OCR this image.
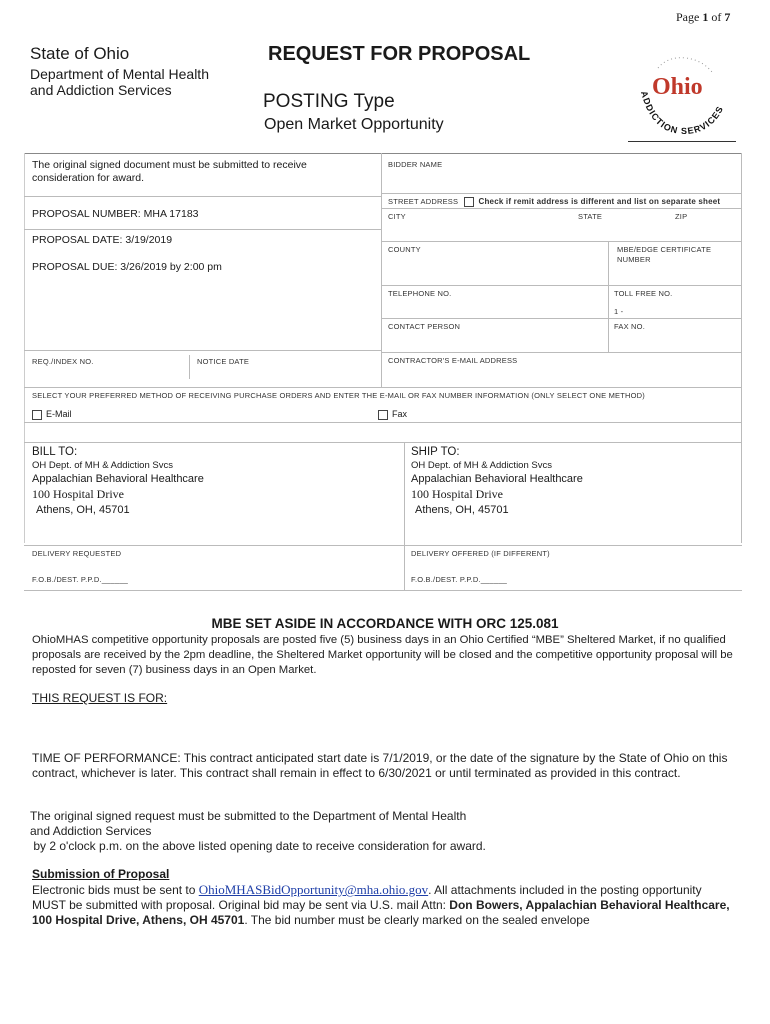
Page 1 of 7
State of Ohio
Department of Mental Health
and Addiction Services
REQUEST FOR PROPOSAL
POSTING Type
Open Market Opportunity
ADDICTION SERVICES
Ohio
The original signed document must be submitted to receive consideration for award.
PROPOSAL NUMBER: MHA 17183
PROPOSAL DATE: 3/19/2019
PROPOSAL DUE: 3/26/2019 by 2:00 pm
REQ./INDEX NO.	NOTICE DATE
BIDDER NAME
STREET ADDRESS	Check if remit address is different and list on separate sheet
CITY	STATE	ZIP
COUNTY	MBE/EDGE CERTIFICATE NUMBER
TELEPHONE NO.	TOLL FREE NO.
1 -
CONTACT PERSON	FAX NO.
CONTRACTOR'S E-MAIL ADDRESS
SELECT YOUR PREFERRED METHOD OF RECEIVING PURCHASE ORDERS AND ENTER THE E-MAIL OR FAX NUMBER INFORMATION (ONLY SELECT ONE METHOD)
E-Mail	Fax
BILL TO:
OH Dept. of MH & Addiction Svcs
Appalachian Behavioral Healthcare
100 Hospital Drive
Athens, OH, 45701
SHIP TO:
OH Dept. of MH & Addiction Svcs
Appalachian Behavioral Healthcare
100 Hospital Drive
Athens, OH, 45701
DELIVERY REQUESTED	DELIVERY OFFERED (IF DIFFERENT)
F.O.B./DEST. P.P.D.______	F.O.B./DEST. P.P.D.______
MBE SET ASIDE IN ACCORDANCE WITH ORC 125.081
OhioMHAS competitive opportunity proposals are posted five (5) business days in an Ohio Certified “MBE” Sheltered Market, if no qualified proposals are received by the 2pm deadline, the Sheltered Market opportunity will be closed and the competitive opportunity proposal will be reposted for seven (7) business days in an Open Market.
THIS REQUEST IS FOR:
TIME OF PERFORMANCE: This contract anticipated start date is 7/1/2019, or the date of the signature by the State of Ohio on this contract, whichever is later. This contract shall remain in effect to 6/30/2021 or until terminated as provided in this contract.
The original signed request must be submitted to the Department of Mental Health
and Addiction Services
by 2 o'clock p.m. on the above listed opening date to receive consideration for award.
Submission of Proposal
Electronic bids must be sent to OhioMHASBidOpportunity@mha.ohio.gov. All attachments included in the posting opportunity MUST be submitted with proposal. Original bid may be sent via U.S. mail Attn: Don Bowers, Appalachian Behavioral Healthcare, 100 Hospital Drive, Athens, OH 45701. The bid number must be clearly marked on the sealed envelope
